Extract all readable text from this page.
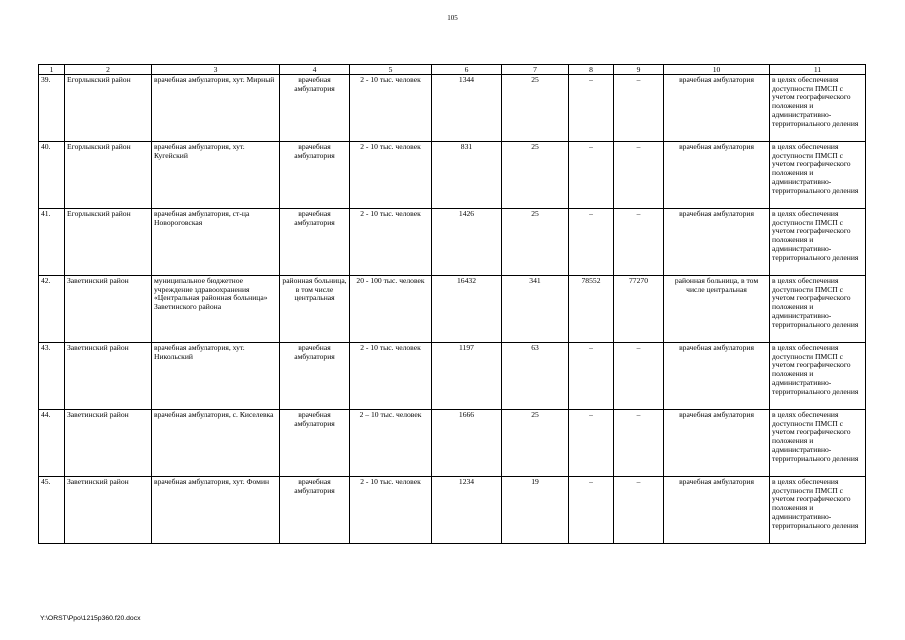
105
1	2	3	4	5	6	7	8	9	10	11
39.	Егорлыкский район	врачебная амбулатория, хут. Мирный	врачебная амбулатория	2 - 10 тыс. человек	1344	25	–	–	врачебная амбулатория	в целях обеспечения доступности ПМСП с учетом географического положения и административно-территориального деления
40.	Егорлыкский район	врачебная амбулатория, хут. Кугейский	врачебная амбулатория	2 - 10 тыс. человек	831	25	–	–	врачебная амбулатория	в целях обеспечения доступности ПМСП с учетом географического положения и административно-территориального деления
41.	Егорлыкский район	врачебная амбулатория, ст-ца Новороговская	врачебная амбулатория	2 - 10 тыс. человек	1426	25	–	–	врачебная амбулатория	в целях обеспечения доступности ПМСП с учетом географического положения и административно-территориального деления
42.	Заветинский район	муниципальное бюджетное учреждение здравоохранения «Центральная районная больница» Заветинского района	районная больница, в том числе центральная	20 - 100 тыс. человек	16432	341	78552	77270	районная больница, в том числе центральная	в целях обеспечения доступности ПМСП с учетом географического положения и административно-территориального деления
43.	Заветинский район	врачебная амбулатория, хут. Никольский	врачебная амбулатория	2 - 10 тыс. человек	1197	63	–	–	врачебная амбулатория	в целях обеспечения доступности ПМСП с учетом географического положения и административно-территориального деления
44.	Заветинский район	врачебная амбулатория, с. Киселевка	врачебная амбулатория	2 – 10 тыс. человек	1666	25	–	–	врачебная амбулатория	в целях обеспечения доступности ПМСП с учетом географического положения и административно-территориального деления
45.	Заветинский район	врачебная амбулатория, хут. Фомин	врачебная амбулатория	2 - 10 тыс. человек	1234	19	–	–	врачебная амбулатория	в целях обеспечения доступности ПМСП с учетом географического положения и административно-территориального деления
Y:\ORST\Ppo\1215p360.f20.docx
